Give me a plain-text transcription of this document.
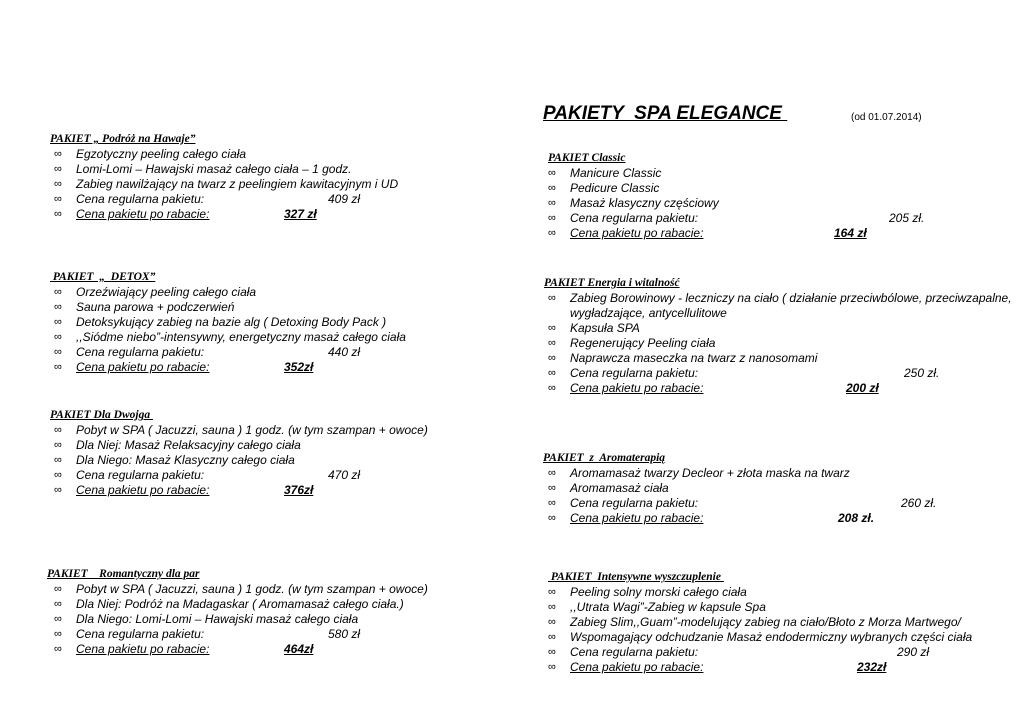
PAKIETY  SPA ELEGANCE	(od 01.07.2014)
PAKIET „ Podróż na Hawaje”
∞ Egzotyczny peeling całego ciała
∞ Lomi-Lomi – Hawajski masaż całego ciała – 1 godz.
∞ Zabieg nawilżający na twarz z peelingiem kawitacyjnym i UD
∞ Cena regularna pakietu:	409 zł
∞ Cena pakietu po rabacie:	327 zł
PAKIET  „  DETOX”
∞ Orzeźwiający peeling całego ciała
∞ Sauna parowa + podczerwień
∞ Detoksykujący zabieg na bazie alg ( Detoxing Body Pack )
∞ ,,Siódme niebo”-intensywny, energetyczny masaż całego ciała
∞ Cena regularna pakietu:	440 zł
∞ Cena pakietu po rabacie:	352zł
PAKIET Dla Dwojga
∞ Pobyt w SPA ( Jacuzzi, sauna ) 1 godz. (w tym szampan + owoce)
∞ Dla Niej: Masaż Relaksacyjny całego ciała
∞ Dla Niego: Masaż Klasyczny całego ciała
∞ Cena regularna pakietu:	470 zł
∞ Cena pakietu po rabacie:	376zł
PAKIET    Romantyczny dla par
∞ Pobyt w SPA ( Jacuzzi, sauna ) 1 godz. (w tym szampan + owoce)
∞ Dla Niej: Podróż na Madagaskar ( Aromamasaż całego ciała.)
∞ Dla Niego: Lomi-Lomi – Hawajski masaż całego ciała
∞ Cena regularna pakietu:	580 zł
∞ Cena pakietu po rabacie:	464zł
PAKIET Classic
∞ Manicure Classic
∞ Pedicure Classic
∞ Masaż klasyczny częściowy
∞ Cena regularna pakietu:	205 zł.
∞ Cena pakietu po rabacie:	164 zł
PAKIET Energia i witalność
∞ Zabieg Borowinowy - leczniczy na ciało ( działanie przeciwbólowe, przeciwzapalne, wygładzające, antycellulitowe
∞ Kapsuła SPA
∞ Regenerujący Peeling ciała
∞ Naprawcza maseczka na twarz z nanosomami
∞ Cena regularna pakietu:	250 zł.
∞ Cena pakietu po rabacie:	200 zł
PAKIET  z  Aromaterapią
∞ Aromamasaż twarzy Decleor + złota maska na twarz
∞ Aromamasaż ciała
∞ Cena regularna pakietu:	260 zł.
∞ Cena pakietu po rabacie:	208 zł.
PAKIET  Intensywne wyszczuplenie
∞ Peeling solny morski całego ciała
∞ ,,Utrata Wagi”-Zabieg w kapsule Spa
∞ Zabieg Slim,,Guam”-modelujący zabieg na ciało/Błoto z Morza Martwego/
∞ Wspomagający odchudzanie Masaż endodermiczny wybranych części ciała
∞ Cena regularna pakietu:	290 zł
∞ Cena pakietu po rabacie:	232zł
